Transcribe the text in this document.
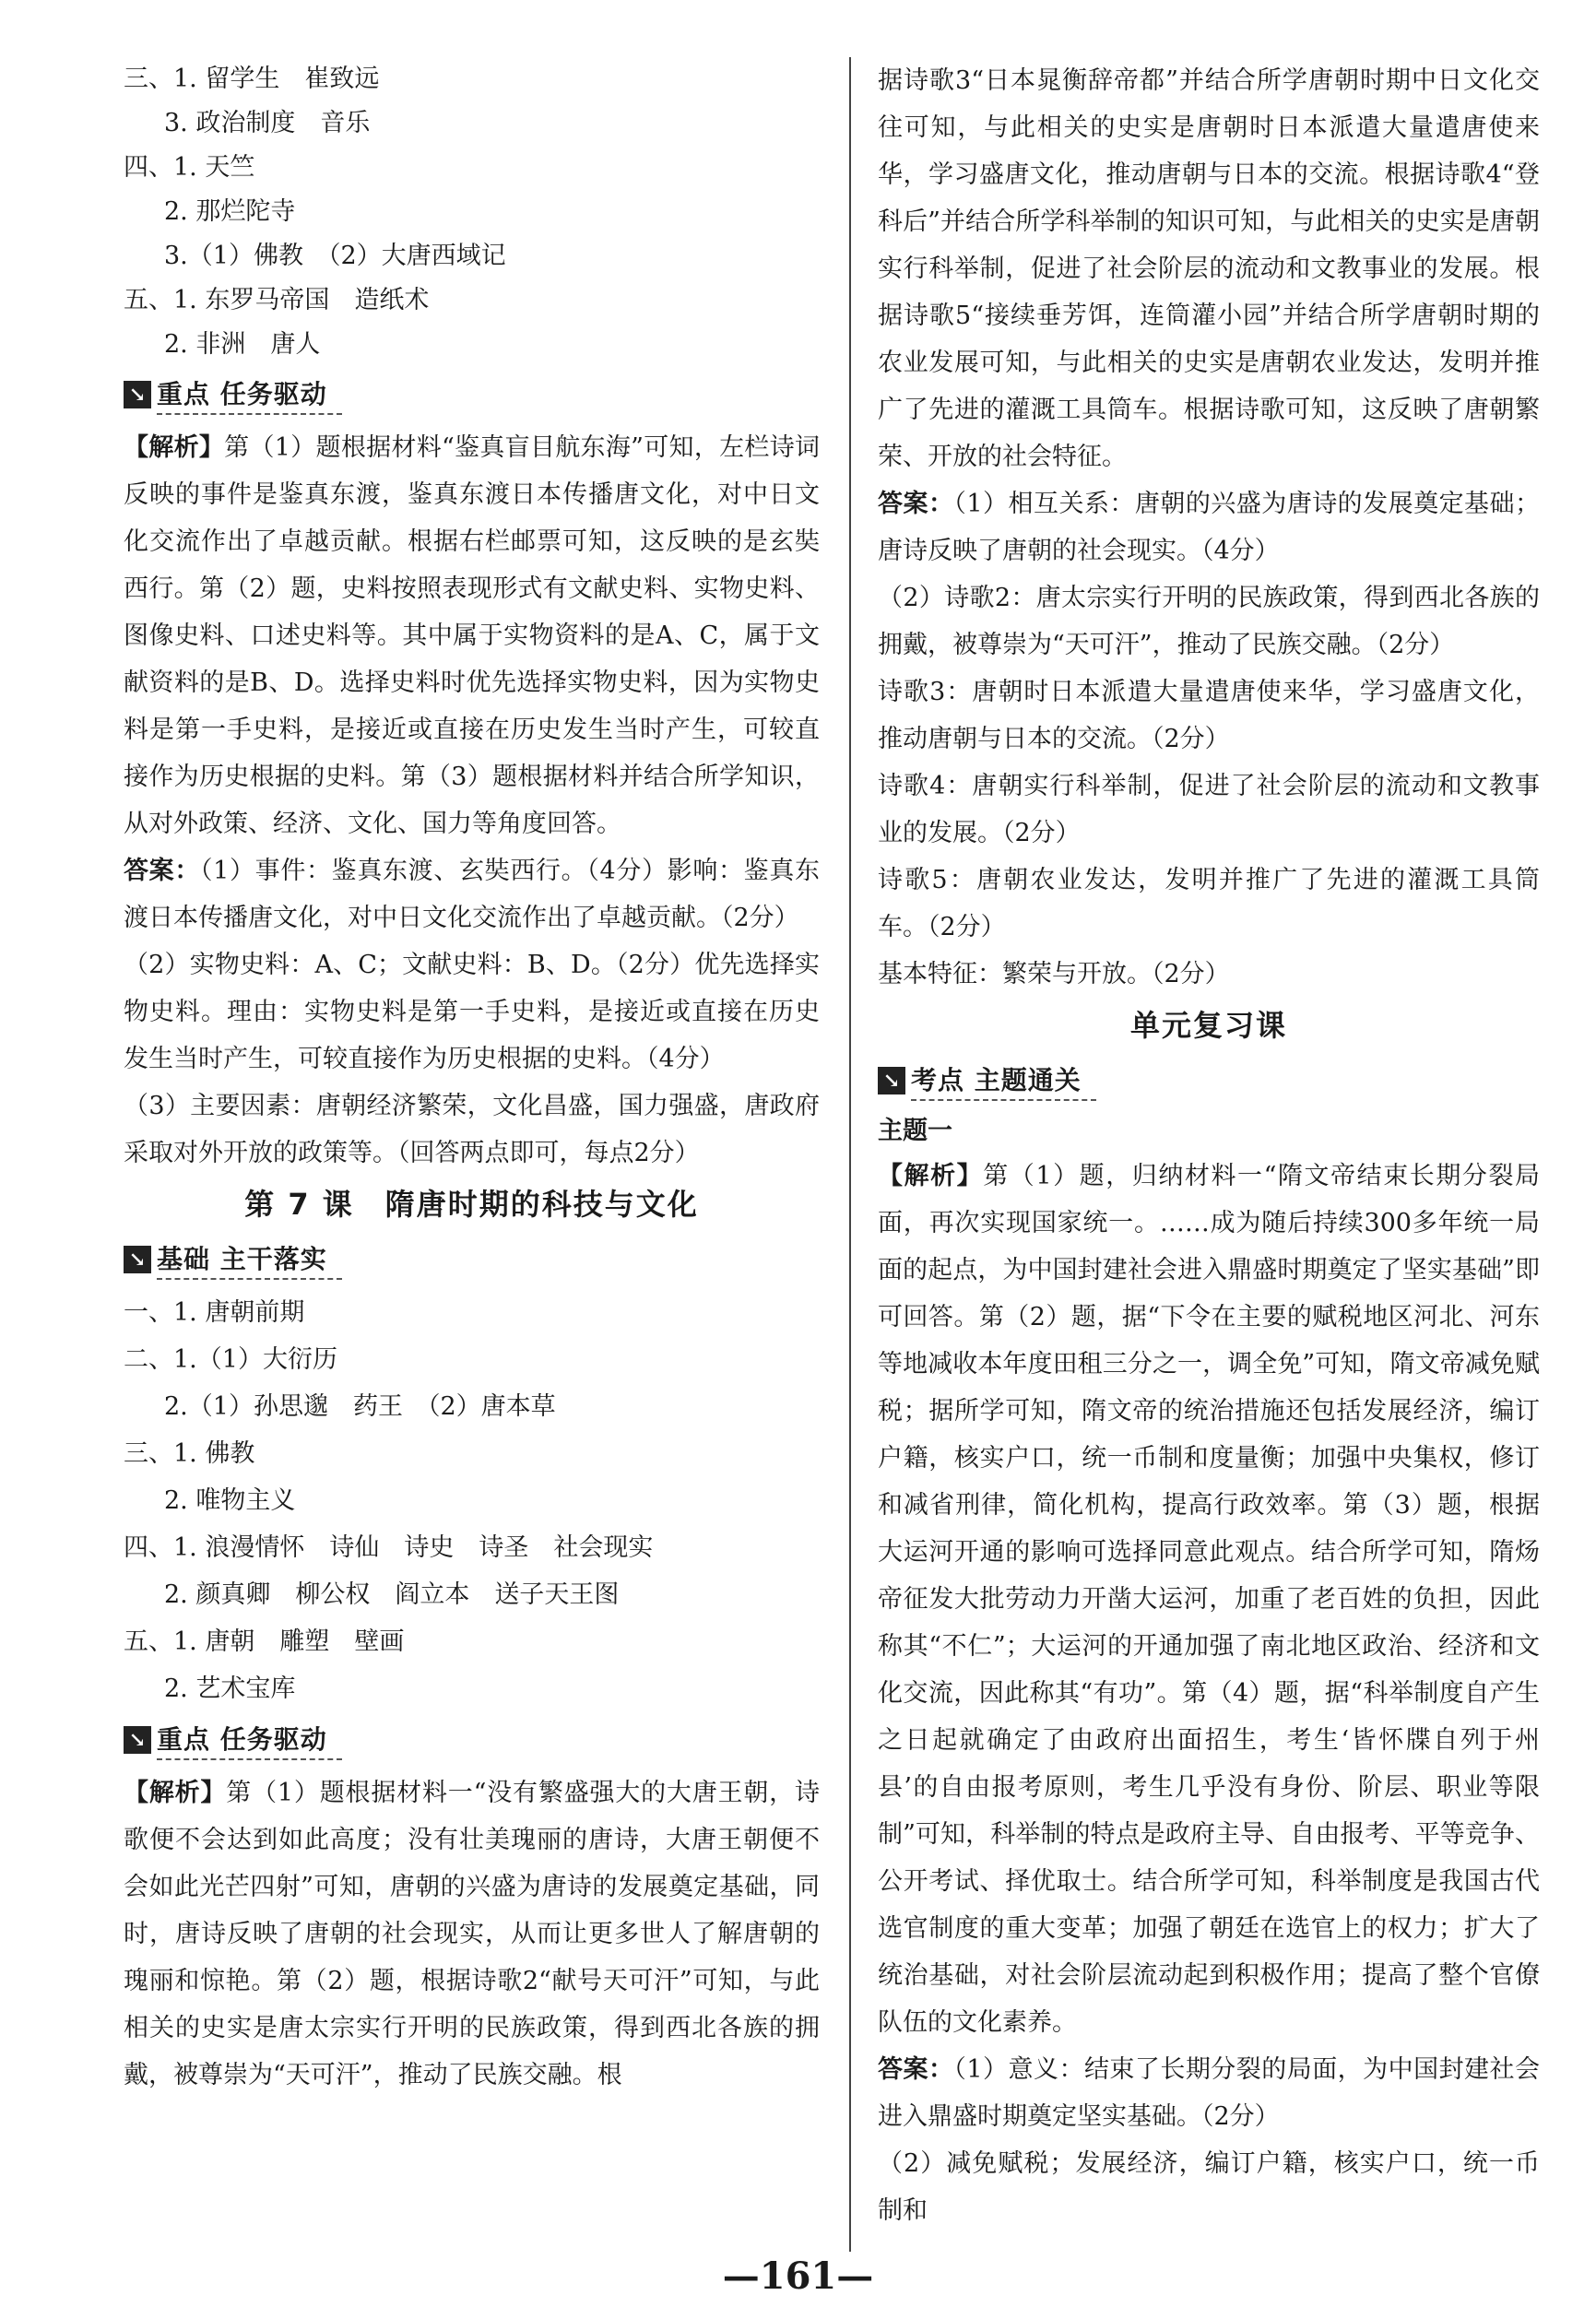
三、1. 留学生　崔致远
3. 政治制度　音乐
四、1. 天竺
2. 那烂陀寺
3.（1）佛教　（2）大唐西域记
五、1. 东罗马帝国　造纸术
2. 非洲　唐人
↘ 重点 任务驱动

【解析】第（1）题根据材料“鉴真盲目航东海”可知，左栏诗词反映的事件是鉴真东渡，鉴真东渡日本传播唐文化，对中日文化交流作出了卓越贡献。根据右栏邮票可知，这反映的是玄奘西行。第（2）题，史料按照表现形式有文献史料、实物史料、图像史料、口述史料等。其中属于实物资料的是A、C，属于文献资料的是B、D。选择史料时优先选择实物史料，因为实物史料是第一手史料，是接近或直接在历史发生当时产生，可较直接作为历史根据的史料。第（3）题根据材料并结合所学知识，从对外政策、经济、文化、国力等角度回答。

答案：（1）事件：鉴真东渡、玄奘西行。（4分）影响：鉴真东渡日本传播唐文化，对中日文化交流作出了卓越贡献。（2分）

（2）实物史料：A、C；文献史料：B、D。（2分）优先选择实物史料。理由：实物史料是第一手史料，是接近或直接在历史发生当时产生，可较直接作为历史根据的史料。（4分）

（3）主要因素：唐朝经济繁荣，文化昌盛，国力强盛，唐政府采取对外开放的政策等。（回答两点即可，每点2分）

第 7 课　隋唐时期的科技与文化
↘ 基础 主干落实
一、1. 唐朝前期
二、1.（1）大衍历
2.（1）孙思邈　药王　（2）唐本草
三、1. 佛教
2. 唯物主义
四、1. 浪漫情怀　诗仙　诗史　诗圣　社会现实
2. 颜真卿　柳公权　阎立本　送子天王图
五、1. 唐朝　雕塑　壁画
2. 艺术宝库
↘ 重点 任务驱动

【解析】第（1）题根据材料一“没有繁盛强大的大唐王朝，诗歌便不会达到如此高度；没有壮美瑰丽的唐诗，大唐王朝便不会如此光芒四射”可知，唐朝的兴盛为唐诗的发展奠定基础，同时，唐诗反映了唐朝的社会现实，从而让更多世人了解唐朝的瑰丽和惊艳。第（2）题，根据诗歌2“献号天可汗”可知，与此相关的史实是唐太宗实行开明的民族政策，得到西北各族的拥戴，被尊崇为“天可汗”，推动了民族交融。根

据诗歌3“日本晁衡辞帝都”并结合所学唐朝时期中日文化交往可知，与此相关的史实是唐朝时日本派遣大量遣唐使来华，学习盛唐文化，推动唐朝与日本的交流。根据诗歌4“登科后”并结合所学科举制的知识可知，与此相关的史实是唐朝实行科举制，促进了社会阶层的流动和文教事业的发展。根据诗歌5“接续垂芳饵，连筒灌小园”并结合所学唐朝时期的农业发展可知，与此相关的史实是唐朝农业发达，发明并推广了先进的灌溉工具筒车。根据诗歌可知，这反映了唐朝繁荣、开放的社会特征。

答案：（1）相互关系：唐朝的兴盛为唐诗的发展奠定基础；唐诗反映了唐朝的社会现实。（4分）

（2）诗歌2：唐太宗实行开明的民族政策，得到西北各族的拥戴，被尊崇为“天可汗”，推动了民族交融。（2分）

诗歌3：唐朝时日本派遣大量遣唐使来华，学习盛唐文化，推动唐朝与日本的交流。（2分）

诗歌4：唐朝实行科举制，促进了社会阶层的流动和文教事业的发展。（2分）

诗歌5：唐朝农业发达，发明并推广了先进的灌溉工具筒车。（2分）

基本特征：繁荣与开放。（2分）

单元复习课
↘ 考点 主题通关
主题一

【解析】第（1）题，归纳材料一“隋文帝结束长期分裂局面，再次实现国家统一。……成为随后持续300多年统一局面的起点，为中国封建社会进入鼎盛时期奠定了坚实基础”即可回答。第（2）题，据“下令在主要的赋税地区河北、河东等地减收本年度田租三分之一，调全免”可知，隋文帝减免赋税；据所学可知，隋文帝的统治措施还包括发展经济，编订户籍，核实户口，统一币制和度量衡；加强中央集权，修订和减省刑律，简化机构，提高行政效率。第（3）题，根据大运河开通的影响可选择同意此观点。结合所学可知，隋炀帝征发大批劳动力开凿大运河，加重了老百姓的负担，因此称其“不仁”；大运河的开通加强了南北地区政治、经济和文化交流，因此称其“有功”。第（4）题，据“科举制度自产生之日起就确定了由政府出面招生，考生‘皆怀牒自列于州县’的自由报考原则，考生几乎没有身份、阶层、职业等限制”可知，科举制的特点是政府主导、自由报考、平等竞争、公开考试、择优取士。结合所学可知，科举制度是我国古代选官制度的重大变革；加强了朝廷在选官上的权力；扩大了统治基础，对社会阶层流动起到积极作用；提高了整个官僚队伍的文化素养。

答案：（1）意义：结束了长期分裂的局面，为中国封建社会进入鼎盛时期奠定坚实基础。（2分）

（2）减免赋税；发展经济，编订户籍，核实户口，统一币制和

—161—
